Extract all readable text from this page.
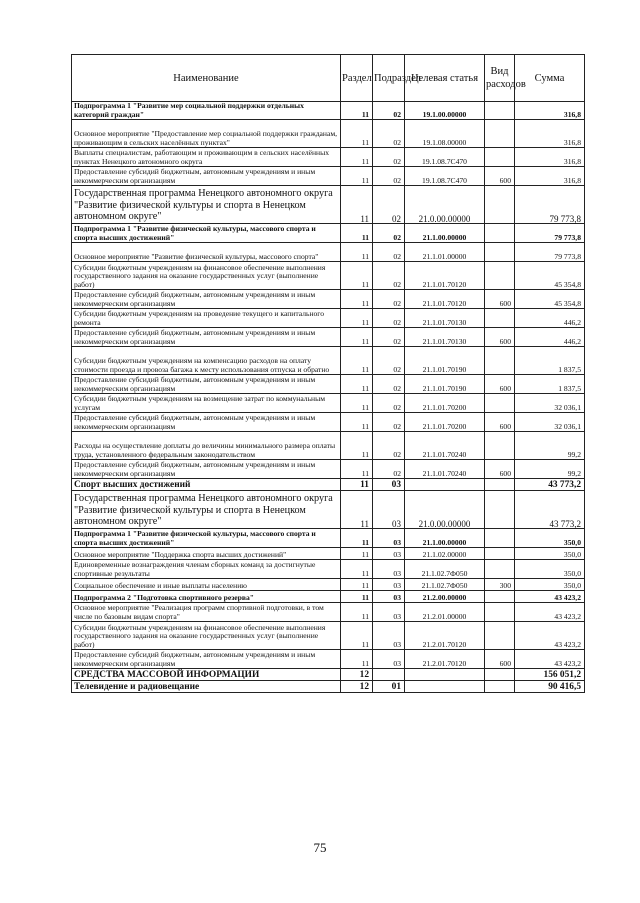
Наименование	Раздел	Подраздел	Целевая статья	Вид расходов	Сумма
Подпрограмма 1 "Развитие мер социальной поддержки отдельных категорий граждан"	11	02	19.1.00.00000		316,8
Основное мероприятие "Предоставление мер социальной поддержки гражданам, проживающим в сельских населённых пунктах"	11	02	19.1.08.00000		316,8
Выплаты специалистам, работающим и проживающим в сельских населённых пунктах Ненецкого автономного округа	11	02	19.1.08.7С470		316,8
Предоставление субсидий бюджетным, автономным учреждениям и иным некоммерческим организациям	11	02	19.1.08.7С470	600	316,8
Государственная программа Ненецкого автономного округа "Развитие физической культуры и спорта в Ненецком автономном округе"	11	02	21.0.00.00000		79 773,8
Подпрограмма 1 "Развитие физической культуры, массового спорта и спорта высших достижений"	11	02	21.1.00.00000		79 773,8
Основное мероприятие "Развитие физической культуры, массового спорта"	11	02	21.1.01.00000		79 773,8
Субсидии бюджетным учреждениям на финансовое обеспечение выполнения государственного задания на оказание государственных услуг (выполнение работ)	11	02	21.1.01.70120		45 354,8
Предоставление субсидий бюджетным, автономным учреждениям и иным некоммерческим организациям	11	02	21.1.01.70120	600	45 354,8
Субсидии бюджетным учреждениям на проведение текущего и капитального ремонта	11	02	21.1.01.70130		446,2
Предоставление субсидий бюджетным, автономным учреждениям и иным некоммерческим организациям	11	02	21.1.01.70130	600	446,2
Субсидии бюджетным учреждениям на компенсацию расходов на оплату стоимости проезда и провоза багажа к месту использования отпуска и обратно	11	02	21.1.01.70190		1 837,5
Предоставление субсидий бюджетным, автономным учреждениям и иным некоммерческим организациям	11	02	21.1.01.70190	600	1 837,5
Субсидии бюджетным учреждениям на возмещение затрат по коммунальным услугам	11	02	21.1.01.70200		32 036,1
Предоставление субсидий бюджетным, автономным учреждениям и иным некоммерческим организациям	11	02	21.1.01.70200	600	32 036,1
Расходы на осуществление доплаты до величины минимального размера оплаты труда, установленного федеральным законодательством	11	02	21.1.01.70240		99,2
Предоставление субсидий бюджетным, автономным учреждениям и иным некоммерческим организациям	11	02	21.1.01.70240	600	99,2
Спорт высших достижений	11	03			43 773,2
Государственная программа Ненецкого автономного округа "Развитие физической культуры и спорта в Ненецком автономном округе"	11	03	21.0.00.00000		43 773,2
Подпрограмма 1 "Развитие физической культуры, массового спорта и спорта высших достижений"	11	03	21.1.00.00000		350,0
Основное мероприятие "Поддержка спорта высших достижений"	11	03	21.1.02.00000		350,0
Единовременные вознаграждения членам сборных команд за достигнутые спортивные результаты	11	03	21.1.02.7Ф050		350,0
Социальное обеспечение и иные выплаты населению	11	03	21.1.02.7Ф050	300	350,0
Подпрограмма 2 "Подготовка спортивного резерва"	11	03	21.2.00.00000		43 423,2
Основное мероприятие "Реализация программ спортивной подготовки, в том числе по базовым видам спорта"	11	03	21.2.01.00000		43 423,2
Субсидии бюджетным учреждениям на финансовое обеспечение выполнения государственного задания на оказание государственных услуг (выполнение работ)	11	03	21.2.01.70120		43 423,2
Предоставление субсидий бюджетным, автономным учреждениям и иным некоммерческим организациям	11	03	21.2.01.70120	600	43 423,2
СРЕДСТВА МАССОВОЙ ИНФОРМАЦИИ	12				156 051,2
Телевидение и радиовещание	12	01			90 416,5
75
